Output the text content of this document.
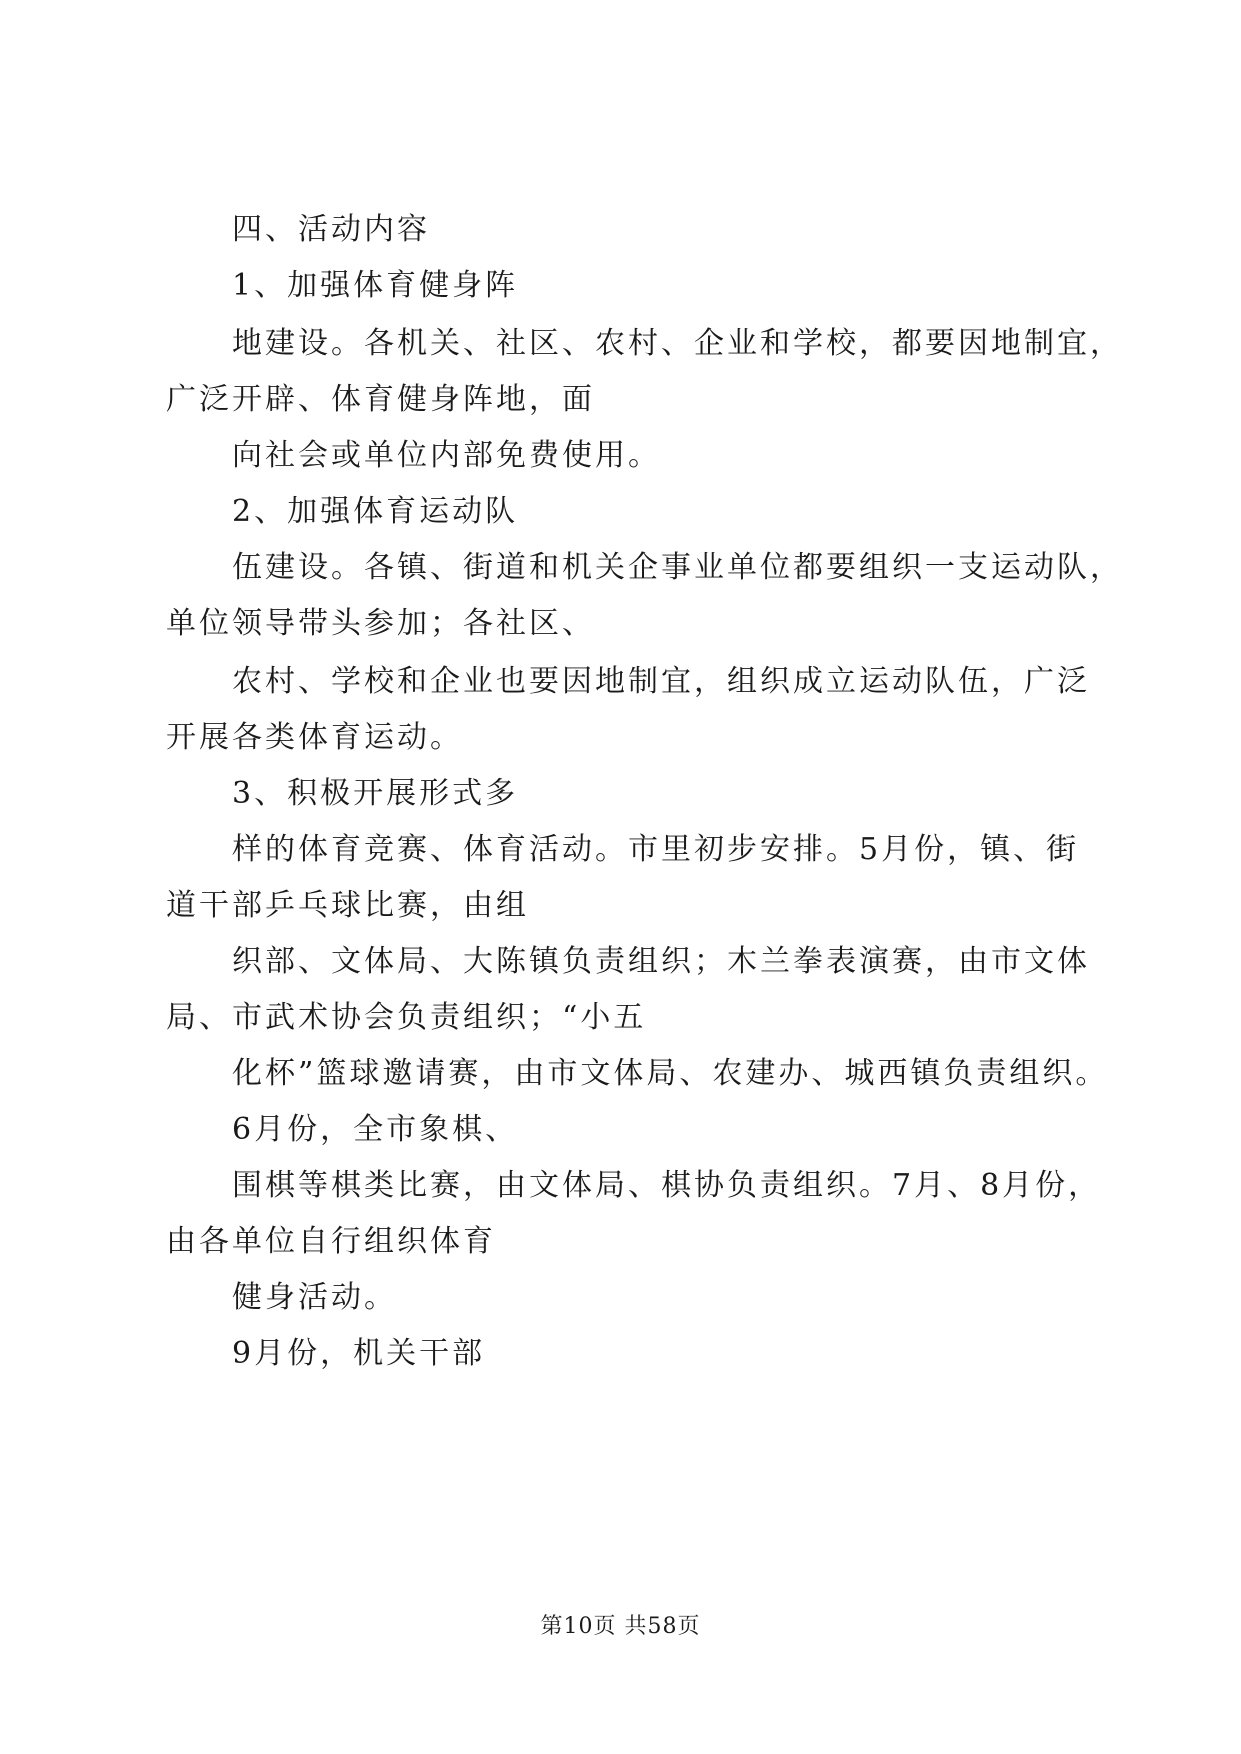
四、活动内容
1、加强体育健身阵
地建设。各机关、社区、农村、企业和学校，都要因地制宜，
广泛开辟、体育健身阵地，面
向社会或单位内部免费使用。
2、加强体育运动队
伍建设。各镇、街道和机关企事业单位都要组织一支运动队，
单位领导带头参加；各社区、
农村、学校和企业也要因地制宜，组织成立运动队伍，广泛
开展各类体育运动。
3、积极开展形式多
样的体育竞赛、体育活动。市里初步安排。5月份，镇、街
道干部乒乓球比赛，由组
织部、文体局、大陈镇负责组织；木兰拳表演赛，由市文体
局、市武术协会负责组织；“小五
化杯”篮球邀请赛，由市文体局、农建办、城西镇负责组织。
6月份，全市象棋、
围棋等棋类比赛，由文体局、棋协负责组织。7月、8月份，
由各单位自行组织体育
健身活动。
9月份，机关干部
第10页 共58页
